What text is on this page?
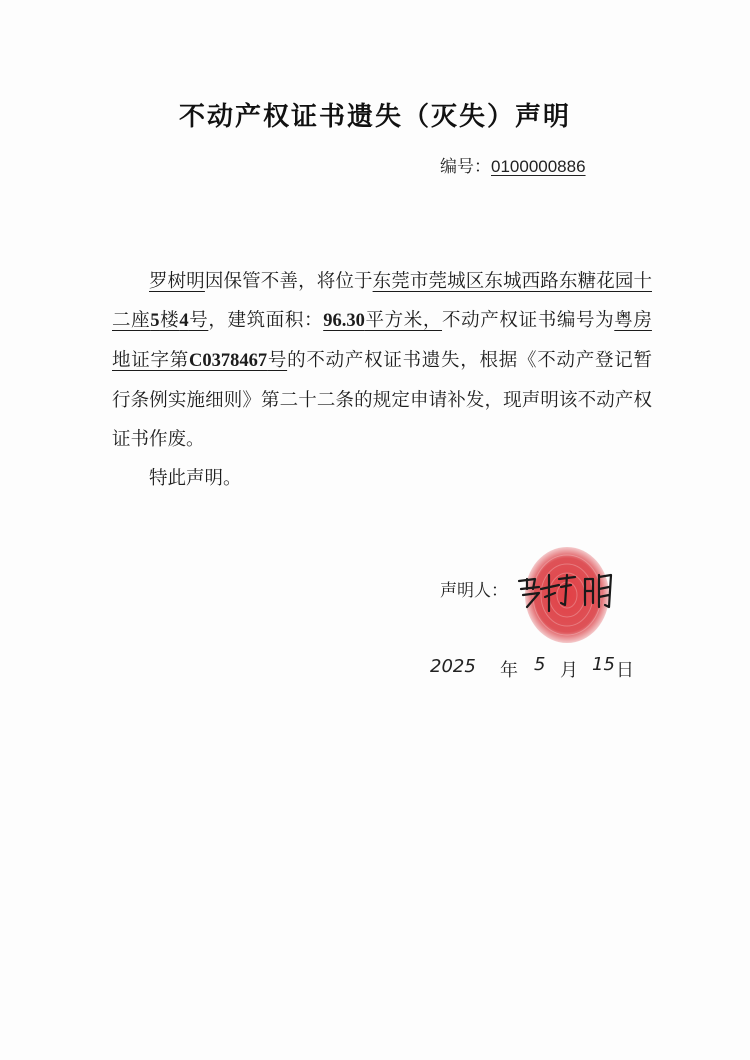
不动产权证书遗失（灭失）声明
编号：0100000886

罗树明因保管不善，将位于东莞市莞城区东城西路东糖花园十二座5楼4号，建筑面积：96.30平方米，不动产权证书编号为粤房地证字第C0378467号的不动产权证书遗失，根据《不动产登记暂行条例实施细则》第二十二条的规定申请补发，现声明该不动产权证书作废。

特此声明。

声明人：
2025 年 5 月 15 日
